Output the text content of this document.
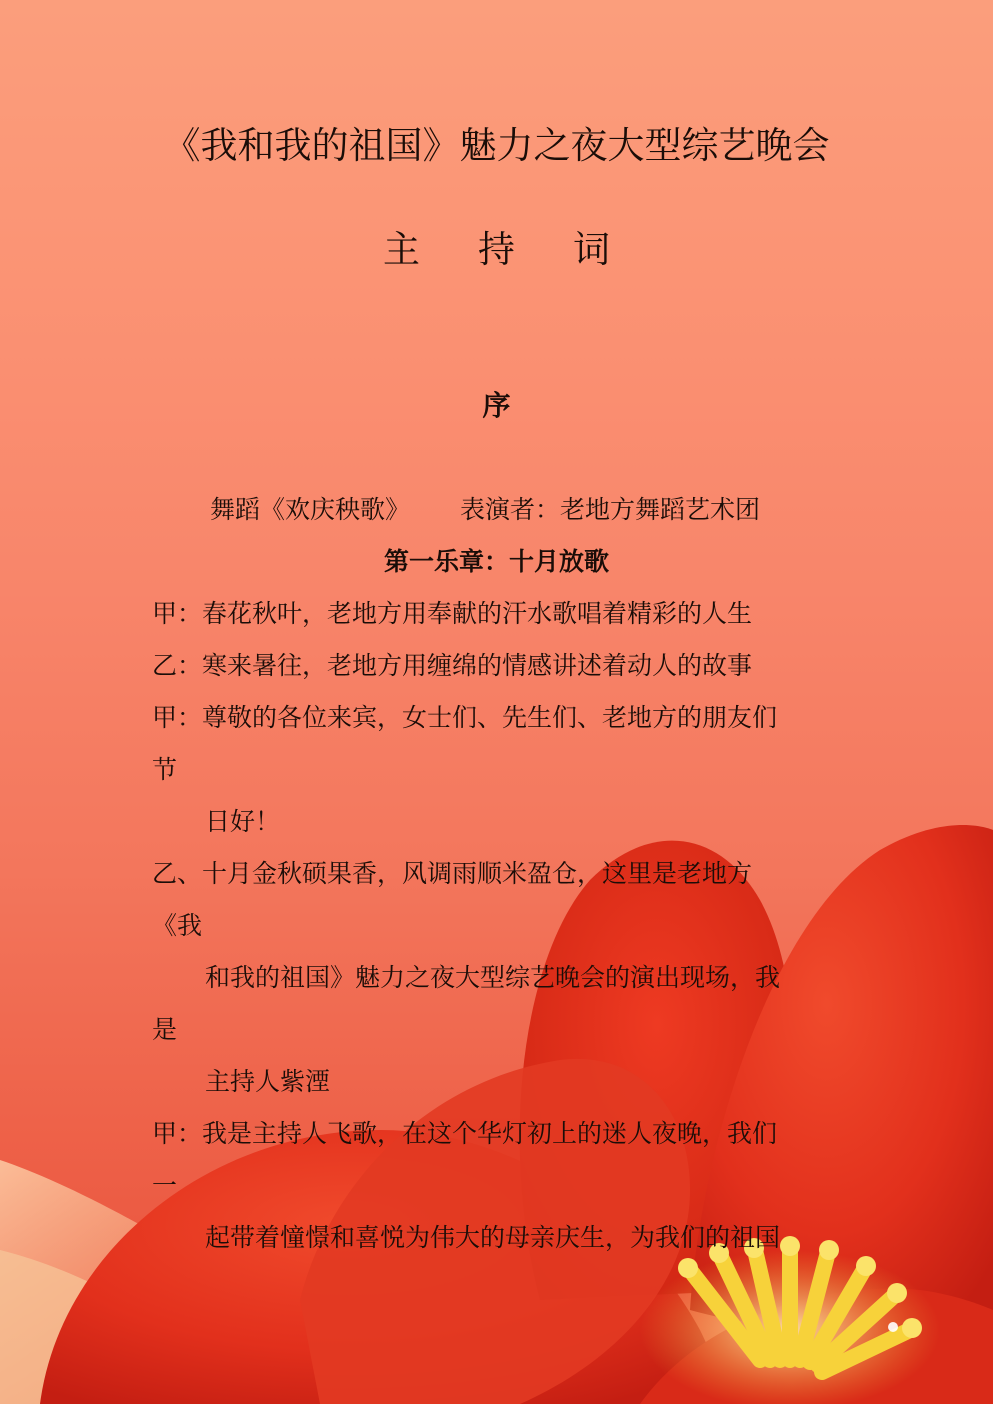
《我和我的祖国》魅力之夜大型综艺晚会
主 持 词
序
舞蹈《欢庆秧歌》 表演者：老地方舞蹈艺术团
第一乐章：十月放歌
甲：春花秋叶，老地方用奉献的汗水歌唱着精彩的人生
乙：寒来暑往，老地方用缠绵的情感讲述着动人的故事
甲：尊敬的各位来宾，女士们、先生们、老地方的朋友们
节
日好！
乙、十月金秋硕果香，风调雨顺米盈仓，这里是老地方
《我
和我的祖国》魅力之夜大型综艺晚会的演出现场，我
是
主持人紫湮
甲：我是主持人飞歌，在这个华灯初上的迷人夜晚，我们
一
起带着憧憬和喜悦为伟大的母亲庆生，为我们的祖国
